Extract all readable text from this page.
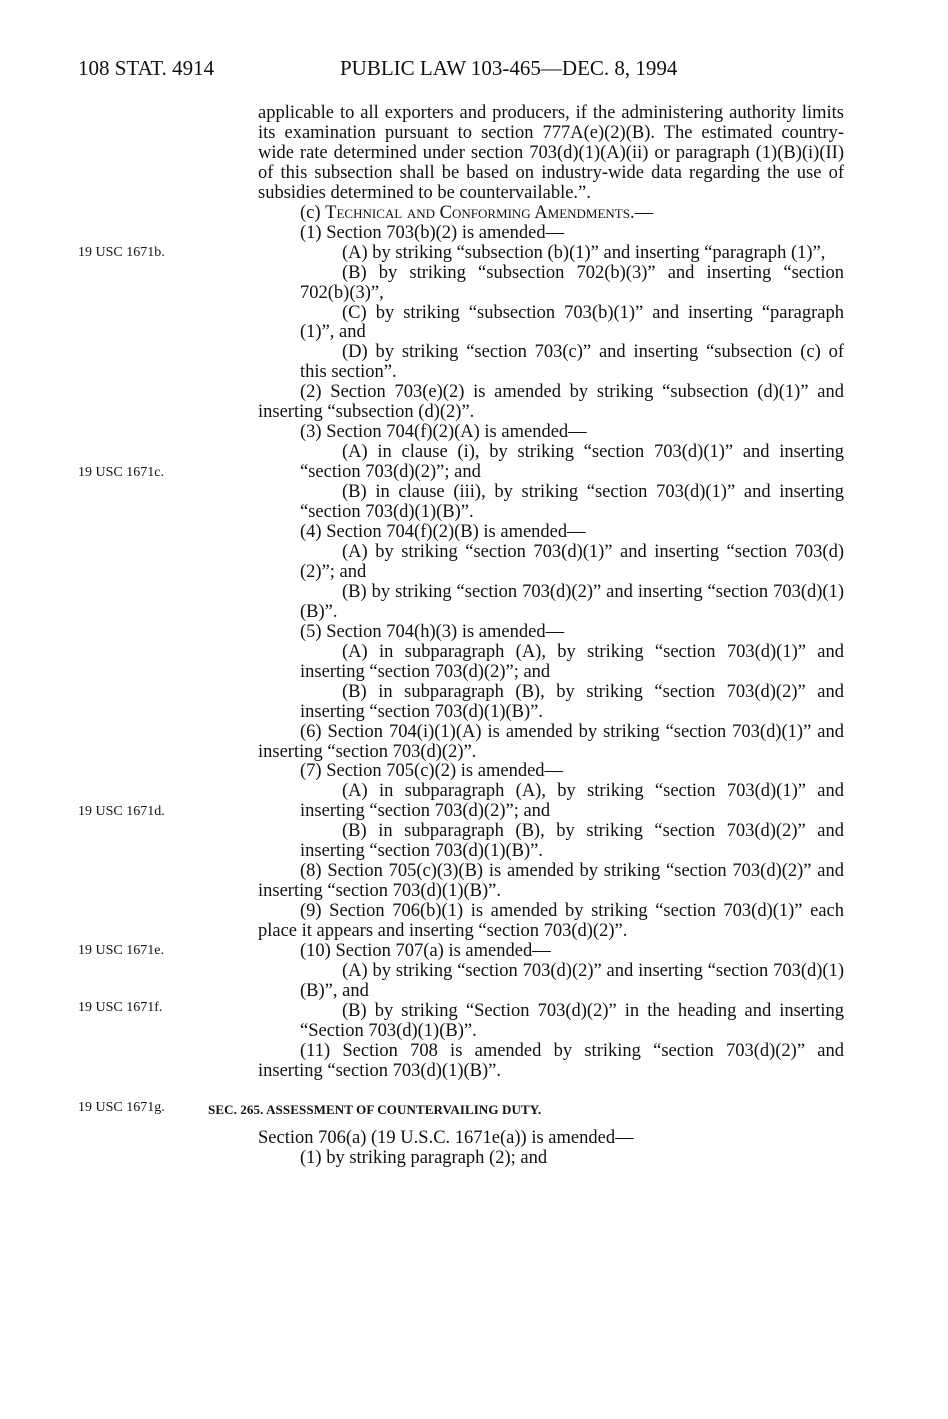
108 STAT. 4914	PUBLIC LAW 103-465—DEC. 8, 1994
19 USC 1671b.
19 USC 1671c.
19 USC 1671d.
19 USC 1671e.
19 USC 1671f.
19 USC 1671g.

applicable to all exporters and producers, if the administering authority limits its examination pursuant to section 777A(e)(2)(B). The estimated country-wide rate determined under section 703(d)(1)(A)(ii) or paragraph (1)(B)(i)(II) of this subsection shall be based on industry-wide data regarding the use of subsidies determined to be countervailable.”.

(c) Technical and Conforming Amendments.—

(1) Section 703(b)(2) is amended—

(A) by striking “subsection (b)(1)” and inserting “paragraph (1)”,

(B) by striking “subsection 702(b)(3)” and inserting “section 702(b)(3)”,

(C) by striking “subsection 703(b)(1)” and inserting “paragraph (1)”, and

(D) by striking “section 703(c)” and inserting “subsection (c) of this section”.

(2) Section 703(e)(2) is amended by striking “subsection (d)(1)” and inserting “subsection (d)(2)”.

(3) Section 704(f)(2)(A) is amended—

(A) in clause (i), by striking “section 703(d)(1)” and inserting “section 703(d)(2)”; and

(B) in clause (iii), by striking “section 703(d)(1)” and inserting “section 703(d)(1)(B)”.

(4) Section 704(f)(2)(B) is amended—

(A) by striking “section 703(d)(1)” and inserting “section 703(d)(2)”; and

(B) by striking “section 703(d)(2)” and inserting “section 703(d)(1)(B)”.

(5) Section 704(h)(3) is amended—

(A) in subparagraph (A), by striking “section 703(d)(1)” and inserting “section 703(d)(2)”; and

(B) in subparagraph (B), by striking “section 703(d)(2)” and inserting “section 703(d)(1)(B)”.

(6) Section 704(i)(1)(A) is amended by striking “section 703(d)(1)” and inserting “section 703(d)(2)”.

(7) Section 705(c)(2) is amended—

(A) in subparagraph (A), by striking “section 703(d)(1)” and inserting “section 703(d)(2)”; and

(B) in subparagraph (B), by striking “section 703(d)(2)” and inserting “section 703(d)(1)(B)”.

(8) Section 705(c)(3)(B) is amended by striking “section 703(d)(2)” and inserting “section 703(d)(1)(B)”.

(9) Section 706(b)(1) is amended by striking “section 703(d)(1)” each place it appears and inserting “section 703(d)(2)”.

(10) Section 707(a) is amended—

(A) by striking “section 703(d)(2)” and inserting “section 703(d)(1)(B)”, and

(B) by striking “Section 703(d)(2)” in the heading and inserting “Section 703(d)(1)(B)”.

(11) Section 708 is amended by striking “section 703(d)(2)” and inserting “section 703(d)(1)(B)”.

SEC. 265. ASSESSMENT OF COUNTERVAILING DUTY.

Section 706(a) (19 U.S.C. 1671e(a)) is amended—

(1) by striking paragraph (2); and
